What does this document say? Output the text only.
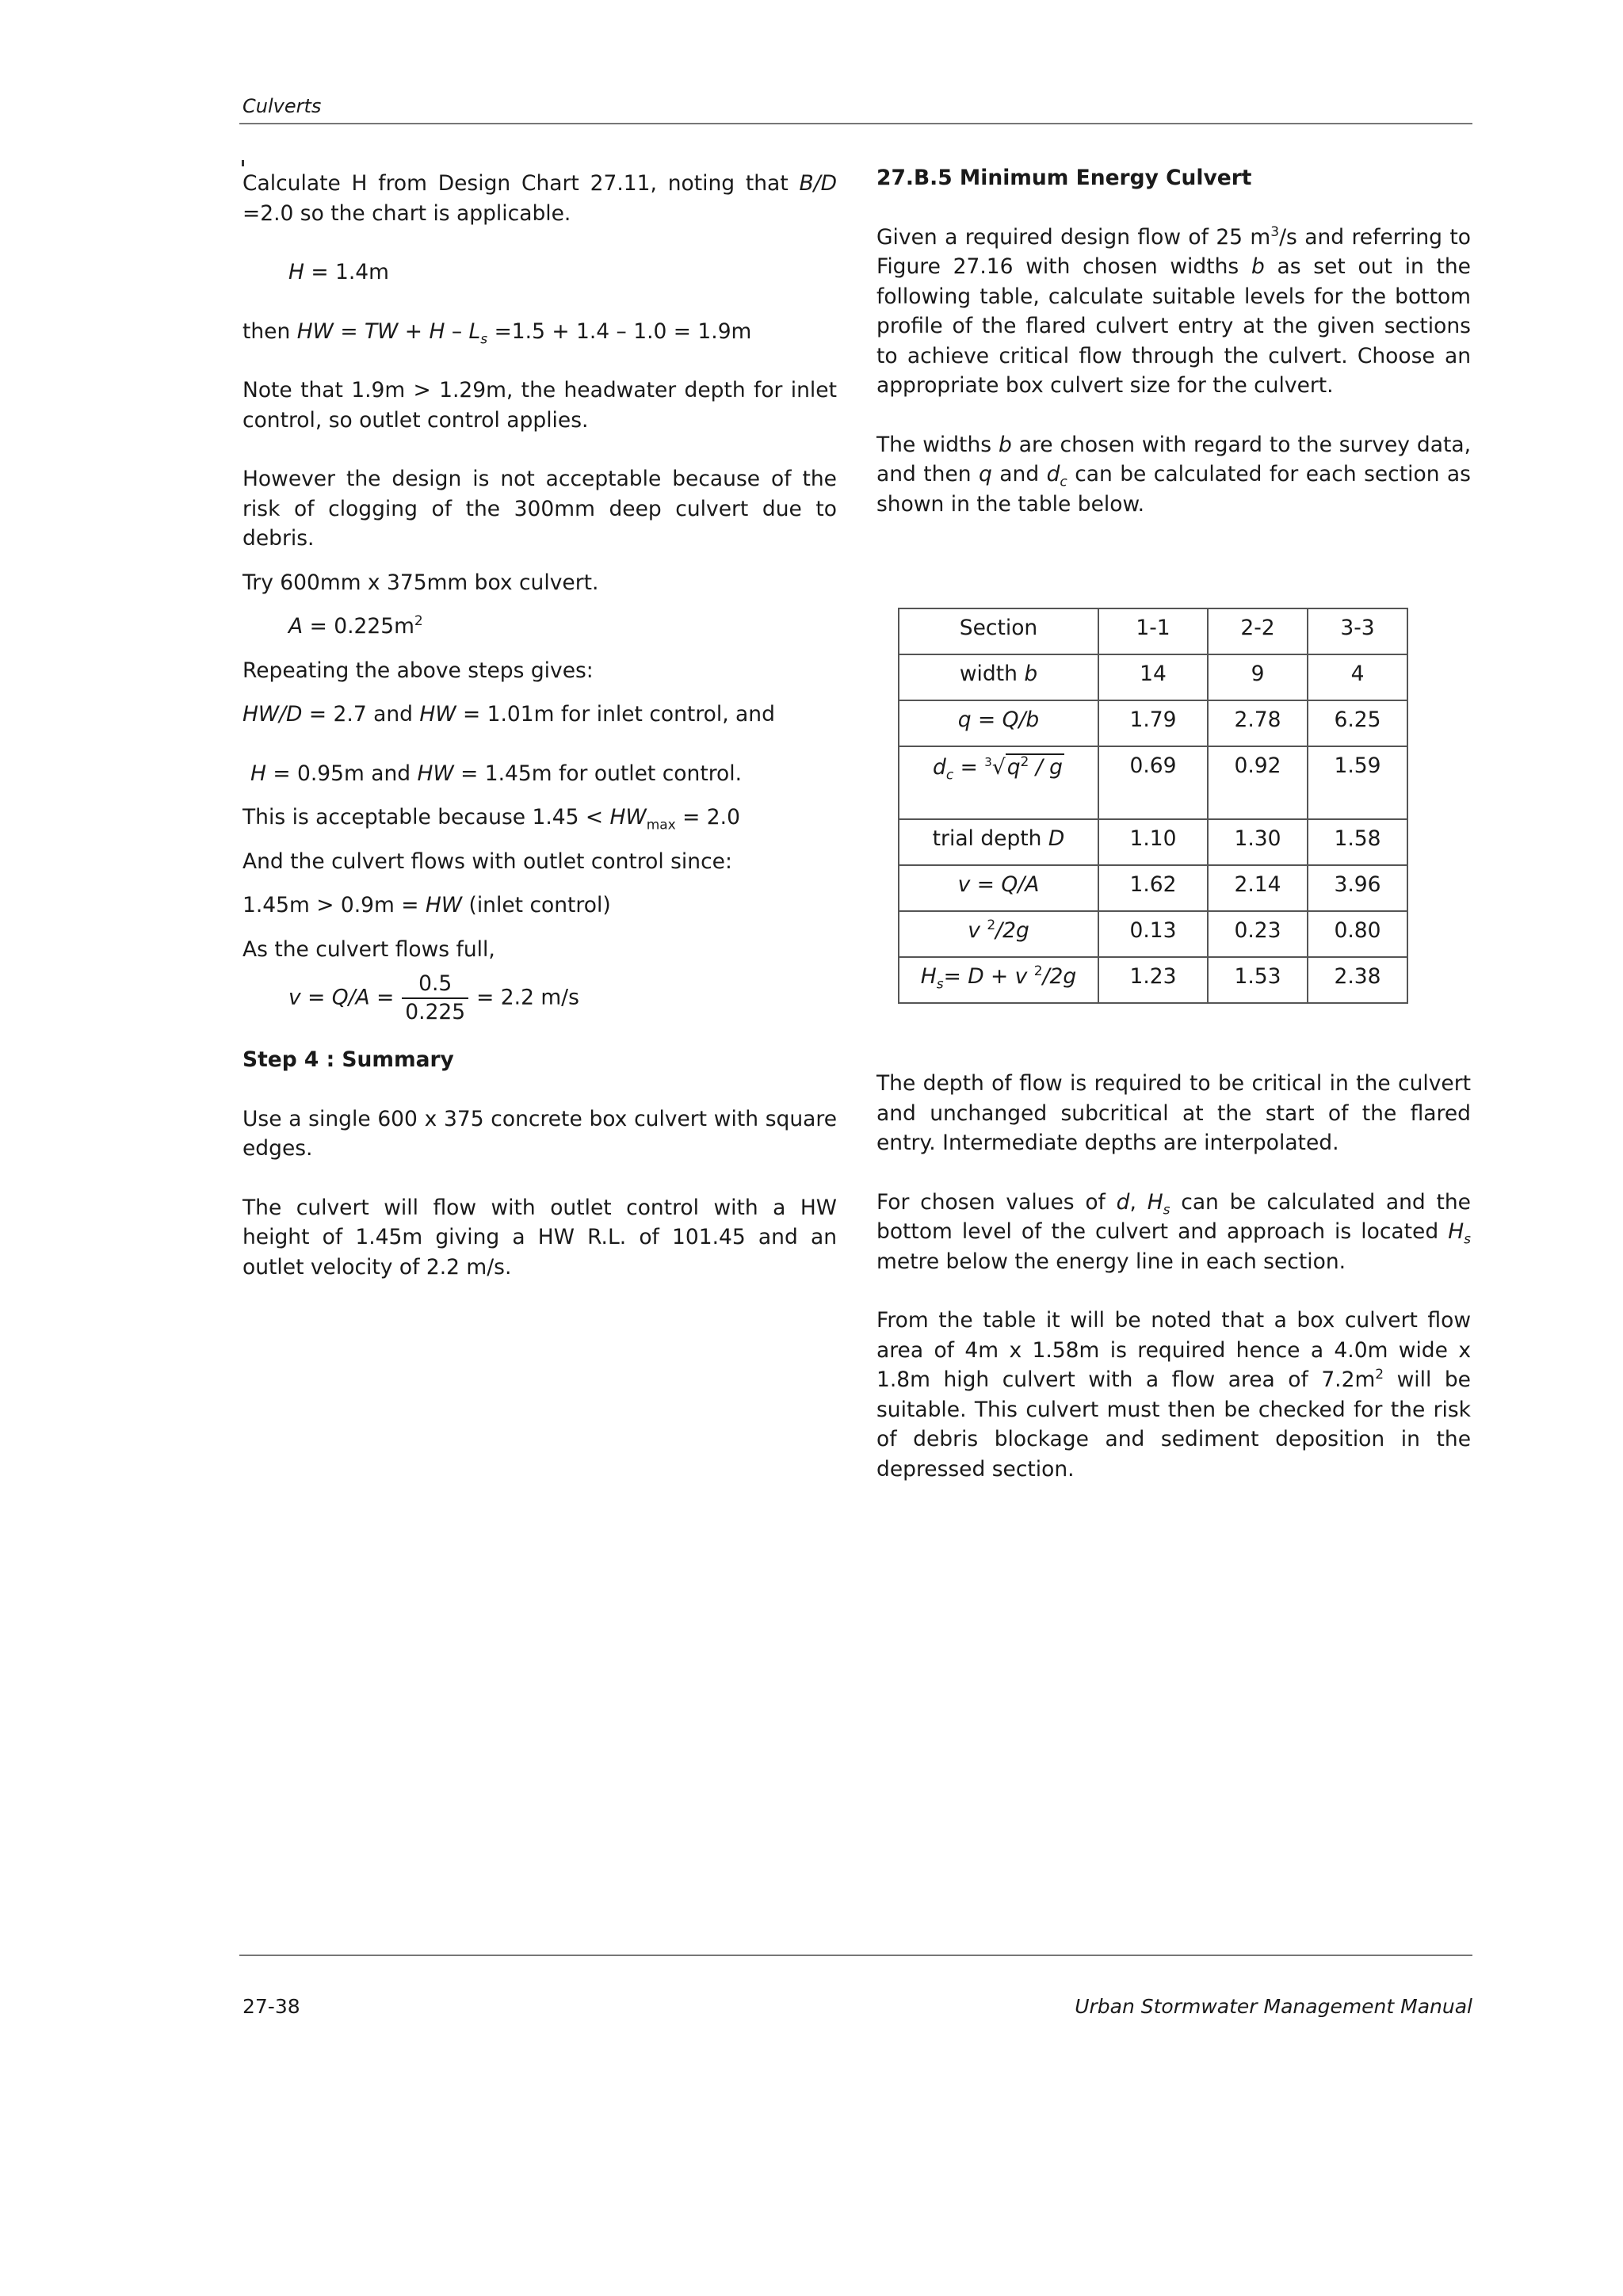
Culverts

Calculate H from Design Chart 27.11, noting that B/D =2.0 so the chart is applicable.

H = 1.4m

then HW = TW + $H - L_s =1.5 + 1.4 - 1.0 = 1.9m$

Note that 1.9m > 1.29m, the headwater depth for inlet control, so outlet control applies.

However the design is not acceptable because of the risk of clogging of the 300mm deep culvert due to debris.

Try 600mm x 375mm box culvert.

$A = 0.225m^2$

Repeating the above steps gives:

HW/D = 2.7 and HW = 1.01m for inlet control, and

H = 0.95m and HW = 1.45m for outlet control.

This is acceptable because $1.45 < HW_{max} = 2.0$

And the culvert flows with outlet control since:

1.45m > 0.9m = HW (inlet control)

As the culvert flows full,

$v = Q/A = \frac{0.5}{0.225} = 2.2$ m/s

Step 4 : Summary

Use a single 600 x 375 concrete box culvert with square edges.

The culvert will flow with outlet control with a HW height of 1.45m giving a HW R.L. of 101.45 and an outlet velocity of 2.2 m/s.

27.B.5 Minimum Energy Culvert

Given a required design flow of 25 $m^3/s$ and referring to Figure 27.16 with chosen widths b as set out in the following table, calculate suitable levels for the bottom profile of the flared culvert entry at the given sections to achieve critical flow through the culvert. Choose an appropriate box culvert size for the culvert.

The widths b are chosen with regard to the survey data, and then q and $d_c$ can be calculated for each section as shown in the table below.

Section	1-1	2-2	3-3
width b	14	9	4
q = Q/b	1.79	2.78	6.25
$d_c = ^3√q^2 / g$	0.69	0.92	1.59
trial depth D	1.10	1.30	1.58
v = Q/A	1.62	2.14	3.96
v $^2$/2g	0.13	0.23	0.80
$H_s= D + v$ $^2$/2g	1.23	1.53	2.38

The depth of flow is required to be critical in the culvert and unchanged subcritical at the start of the flared entry. Intermediate depths are interpolated.

For chosen values of d, $H_s$ can be calculated and the bottom level of the culvert and approach is located $H_s$ metre below the energy line in each section.

From the table it will be noted that a box culvert flow area of 4m x 1.58m is required hence a 4.0m wide x 1.8m high culvert with a flow area of $7.2m^2$ will be suitable. This culvert must then be checked for the risk of debris blockage and sediment deposition in the depressed section.

27-38	Urban Stormwater Management Manual
